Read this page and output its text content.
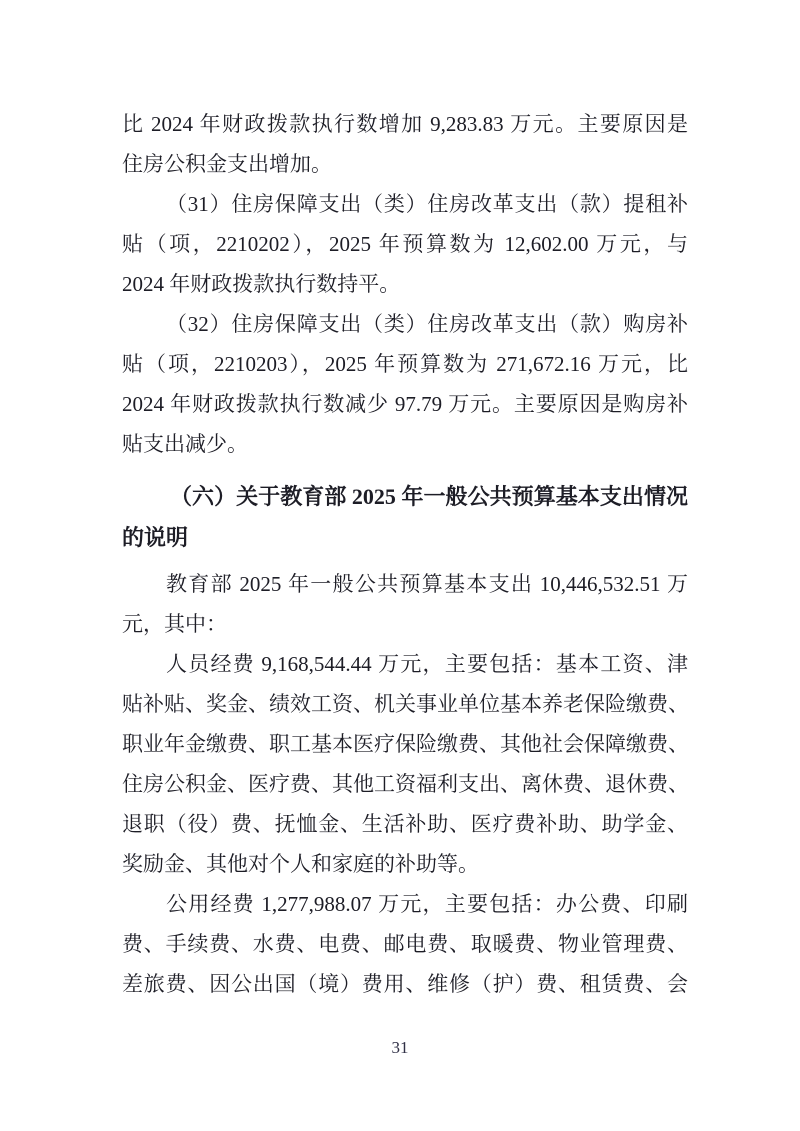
比 2024 年财政拨款执行数增加 9,283.83 万元。主要原因是
住房公积金支出增加。
（31）住房保障支出（类）住房改革支出（款）提租补
贴（项，2210202），2025 年预算数为 12,602.00 万元，与
2024 年财政拨款执行数持平。
（32）住房保障支出（类）住房改革支出（款）购房补
贴（项，2210203），2025 年预算数为 271,672.16 万元，比
2024 年财政拨款执行数减少 97.79 万元。主要原因是购房补
贴支出减少。
（六）关于教育部 2025 年一般公共预算基本支出情况
的说明
教育部 2025 年一般公共预算基本支出 10,446,532.51 万
元，其中：
人员经费 9,168,544.44 万元，主要包括：基本工资、津
贴补贴、奖金、绩效工资、机关事业单位基本养老保险缴费、
职业年金缴费、职工基本医疗保险缴费、其他社会保障缴费、
住房公积金、医疗费、其他工资福利支出、离休费、退休费、
退职（役）费、抚恤金、生活补助、医疗费补助、助学金、
奖励金、其他对个人和家庭的补助等。
公用经费 1,277,988.07 万元，主要包括：办公费、印刷
费、手续费、水费、电费、邮电费、取暖费、物业管理费、
差旅费、因公出国（境）费用、维修（护）费、租赁费、会
31
